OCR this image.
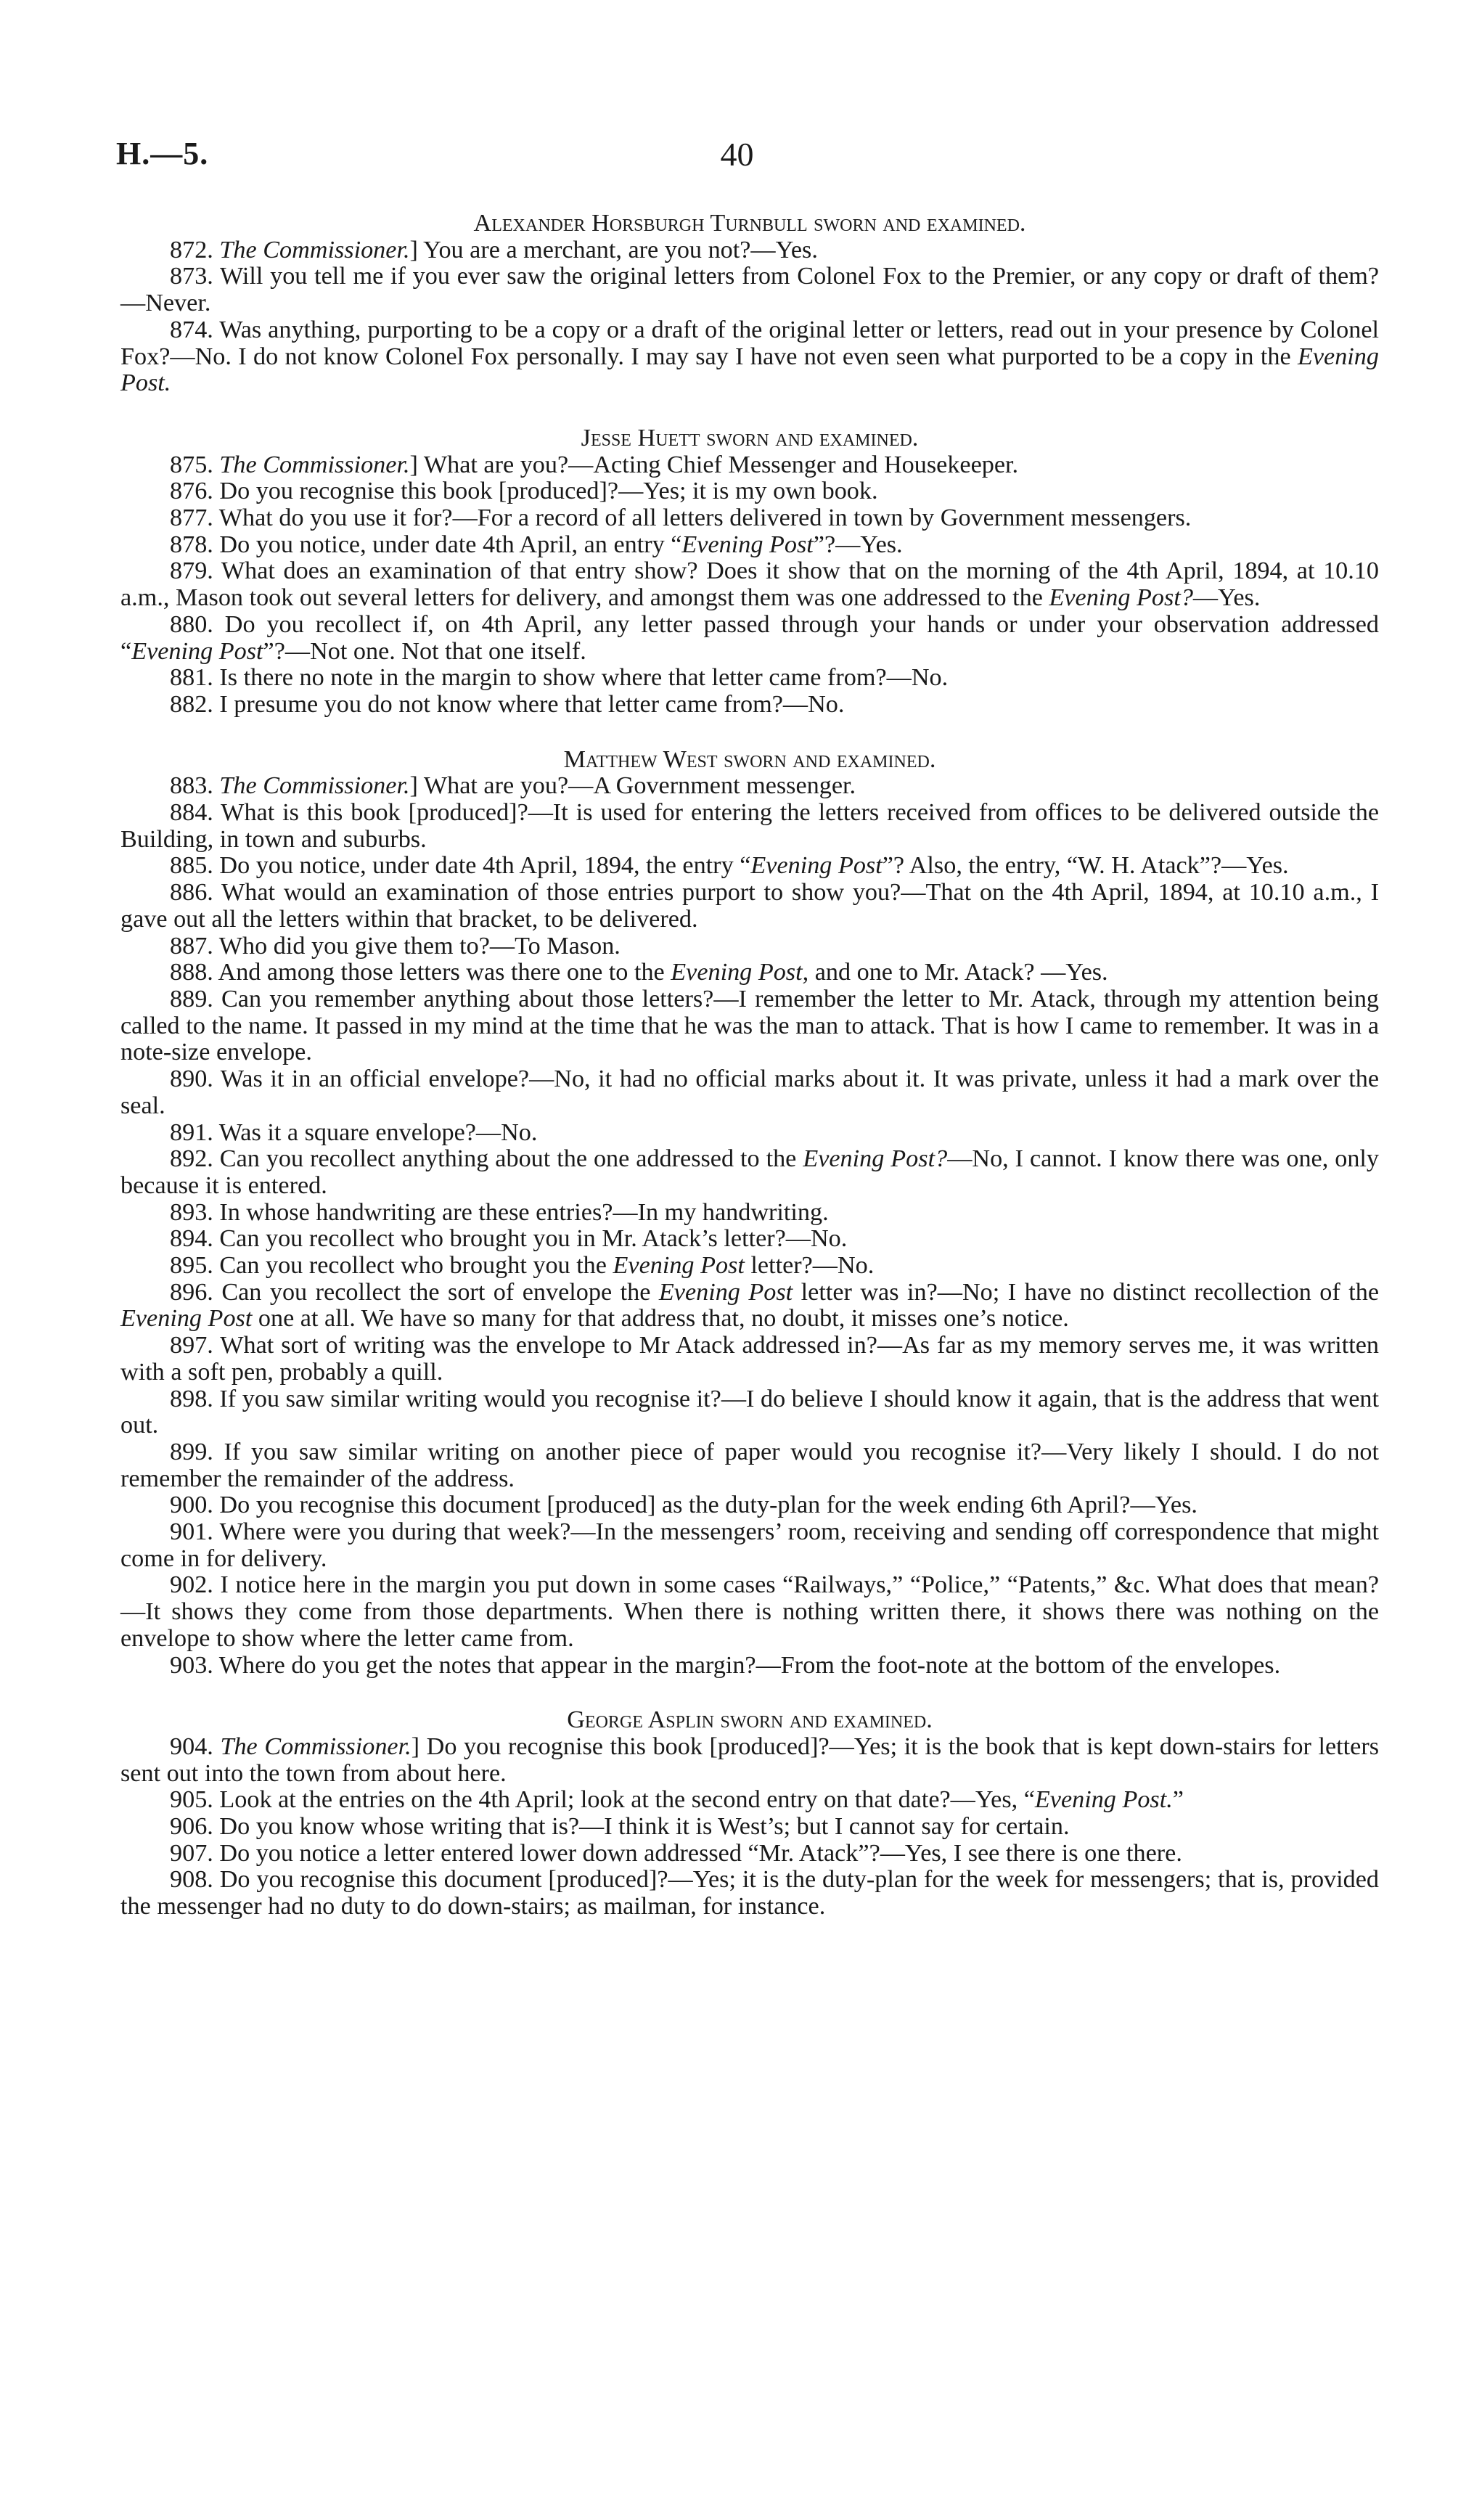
H.—5.	40

Alexander Horsburgh Turnbull sworn and examined.

872. The Commissioner.] You are a merchant, are you not?—Yes.

873. Will you tell me if you ever saw the original letters from Colonel Fox to the Premier, or any copy or draft of them?—Never.

874. Was anything, purporting to be a copy or a draft of the original letter or letters, read out in your presence by Colonel Fox?—No. I do not know Colonel Fox personally. I may say I have not even seen what purported to be a copy in the Evening Post.

Jesse Huett sworn and examined.

875. The Commissioner.] What are you?—Acting Chief Messenger and Housekeeper.

876. Do you recognise this book [produced]?—Yes; it is my own book.

877. What do you use it for?—For a record of all letters delivered in town by Government messengers.

878. Do you notice, under date 4th April, an entry “Evening Post”?—Yes.

879. What does an examination of that entry show? Does it show that on the morning of the 4th April, 1894, at 10.10 a.m., Mason took out several letters for delivery, and amongst them was one addressed to the Evening Post?—Yes.

880. Do you recollect if, on 4th April, any letter passed through your hands or under your observation addressed “Evening Post”?—Not one. Not that one itself.

881. Is there no note in the margin to show where that letter came from?—No.

882. I presume you do not know where that letter came from?—No.

Matthew West sworn and examined.

883. The Commissioner.] What are you?—A Government messenger.

884. What is this book [produced]?—It is used for entering the letters received from offices to be delivered outside the Building, in town and suburbs.

885. Do you notice, under date 4th April, 1894, the entry “Evening Post”? Also, the entry, “W. H. Atack”?—Yes.

886. What would an examination of those entries purport to show you?—That on the 4th April, 1894, at 10.10 a.m., I gave out all the letters within that bracket, to be delivered.

887. Who did you give them to?—To Mason.

888. And among those letters was there one to the Evening Post, and one to Mr. Atack? —Yes.

889. Can you remember anything about those letters?—I remember the letter to Mr. Atack, through my attention being called to the name. It passed in my mind at the time that he was the man to attack. That is how I came to remember. It was in a note-size envelope.

890. Was it in an official envelope?—No, it had no official marks about it. It was private, unless it had a mark over the seal.

891. Was it a square envelope?—No.

892. Can you recollect anything about the one addressed to the Evening Post?—No, I cannot. I know there was one, only because it is entered.

893. In whose handwriting are these entries?—In my handwriting.

894. Can you recollect who brought you in Mr. Atack’s letter?—No.

895. Can you recollect who brought you the Evening Post letter?—No.

896. Can you recollect the sort of envelope the Evening Post letter was in?—No; I have no distinct recollection of the Evening Post one at all. We have so many for that address that, no doubt, it misses one’s notice.

897. What sort of writing was the envelope to Mr Atack addressed in?—As far as my memory serves me, it was written with a soft pen, probably a quill.

898. If you saw similar writing would you recognise it?—I do believe I should know it again, that is the address that went out.

899. If you saw similar writing on another piece of paper would you recognise it?—Very likely I should. I do not remember the remainder of the address.

900. Do you recognise this document [produced] as the duty-plan for the week ending 6th April?—Yes.

901. Where were you during that week?—In the messengers’ room, receiving and sending off correspondence that might come in for delivery.

902. I notice here in the margin you put down in some cases “Railways,” “Police,” “Patents,” &c. What does that mean?—It shows they come from those departments. When there is nothing written there, it shows there was nothing on the envelope to show where the letter came from.

903. Where do you get the notes that appear in the margin?—From the foot-note at the bottom of the envelopes.

George Asplin sworn and examined.

904. The Commissioner.] Do you recognise this book [produced]?—Yes; it is the book that is kept down-stairs for letters sent out into the town from about here.

905. Look at the entries on the 4th April; look at the second entry on that date?—Yes, “Evening Post.”

906. Do you know whose writing that is?—I think it is West’s; but I cannot say for certain.

907. Do you notice a letter entered lower down addressed “Mr. Atack”?—Yes, I see there is one there.

908. Do you recognise this document [produced]?—Yes; it is the duty-plan for the week for messengers; that is, provided the messenger had no duty to do down-stairs; as mailman, for instance.
